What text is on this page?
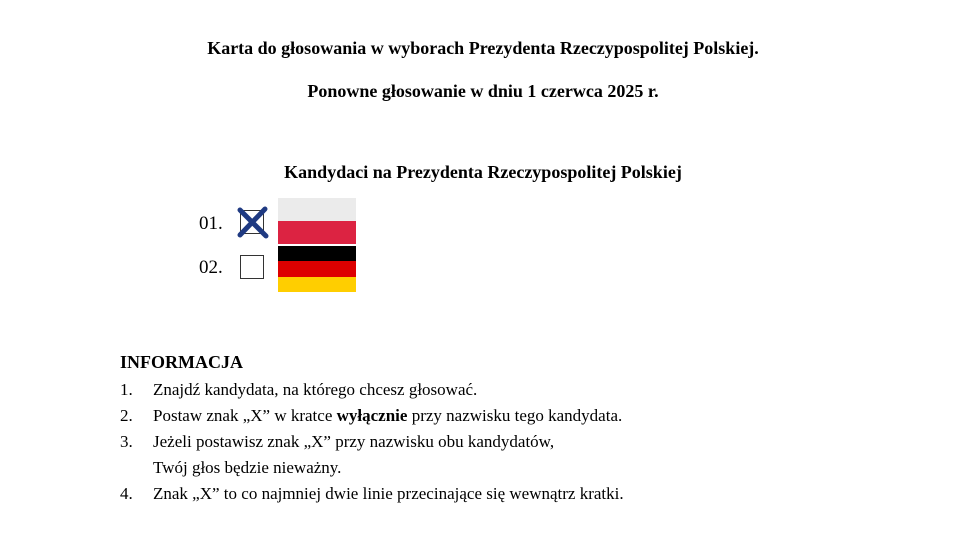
Karta do głosowania w wyborach Prezydenta Rzeczypospolitej Polskiej.
Ponowne głosowanie w dniu 1 czerwca 2025 r.
Kandydaci na Prezydenta Rzeczypospolitej Polskiej
01.
02.
INFORMACJA
1. Znajdź kandydata, na którego chcesz głosować.
2. Postaw znak „X” w kratce wyłącznie przy nazwisku tego kandydata.
3. Jeżeli postawisz znak „X” przy nazwisku obu kandydatów,
Twój głos będzie nieważny.
4. Znak „X” to co najmniej dwie linie przecinające się wewnątrz kratki.
